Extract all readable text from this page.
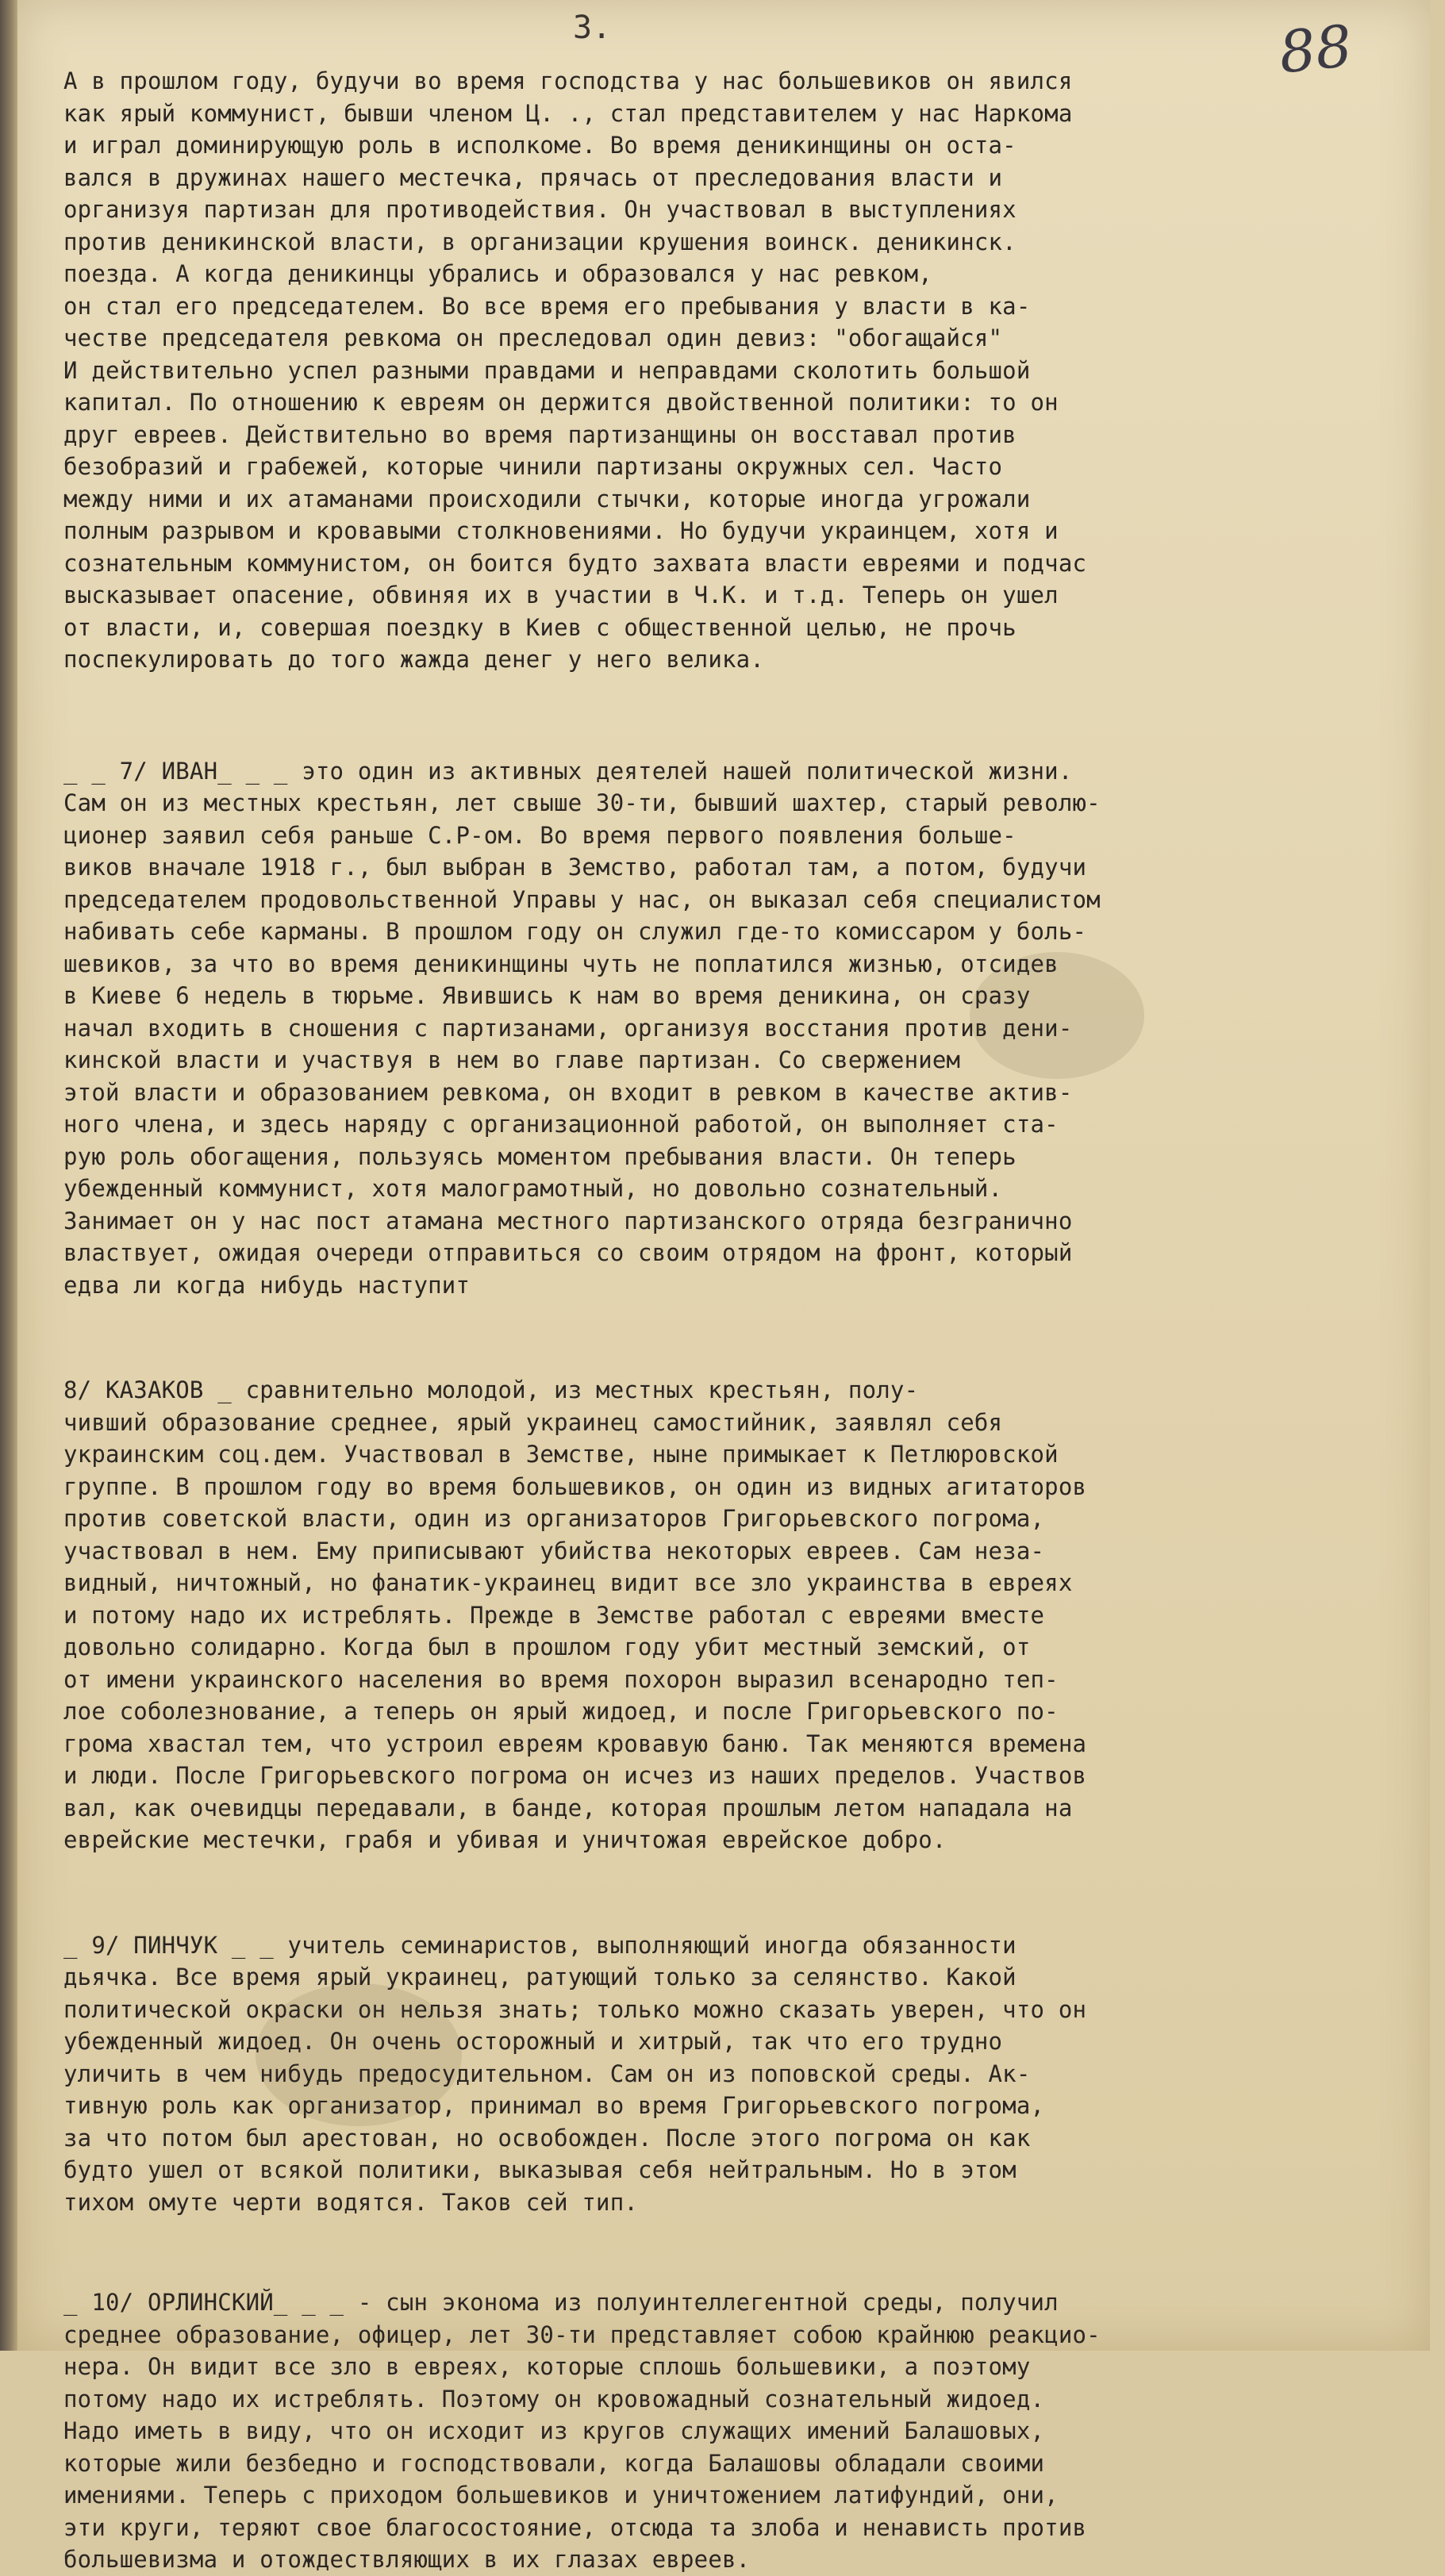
3.	88
А в прошлом году, будучи во время господства у нас большевиков он явился
как ярый коммунист, бывши членом Ц. ., стал представителем у нас Наркома
и играл доминирующую роль в исполкоме. Во время деникинщины он оста-
вался в дружинах нашего местечка, прячась от преследования власти и
организуя партизан для противодействия. Он участвовал в выступлениях
против деникинской власти, в организации крушения воинск. деникинск.
поезда. А когда деникинцы убрались и образовался у нас ревком,
он стал его председателем. Во все время его пребывания у власти в ка-
честве председателя ревкома он преследовал один девиз: "обогащайся"
И действительно успел разными правдами и неправдами сколотить большой
капитал. По отношению к евреям он держится двойственной политики: то он
друг евреев. Действительно во время партизанщины он восставал против
безобразий и грабежей, которые чинили партизаны окружных сел. Часто
между ними и их атаманами происходили стычки, которые иногда угрожали
полным разрывом и кровавыми столкновениями. Но будучи украинцем, хотя и
сознательным коммунистом, он боится будто захвата власти евреями и подчас
высказывает опасение, обвиняя их в участии в Ч.К. и т.д. Теперь он ушел
от власти, и, совершая поездку в Киев с общественной целью, не прочь
поспекулировать до того жажда денег у него велика.
_ _ 7/ ИВАН_ _ _ это один из активных деятелей нашей политической жизни.
Сам он из местных крестьян, лет свыше 30-ти, бывший шахтер, старый револю-
ционер заявил себя раньше С.Р-ом. Во время первого появления больше-
виков вначале 1918 г., был выбран в Земство, работал там, а потом, будучи
председателем продовольственной Управы у нас, он выказал себя специалистом
набивать себе карманы. В прошлом году он служил где-то комиссаром у боль-
шевиков, за что во время деникинщины чуть не поплатился жизнью, отсидев
в Киеве 6 недель в тюрьме. Явившись к нам во время деникина, он сразу
начал входить в сношения с партизанами, организуя восстания против дени-
кинской власти и участвуя в нем во главе партизан. Со свержением
этой власти и образованием ревкома, он входит в ревком в качестве актив-
ного члена, и здесь наряду с организационной работой, он выполняет ста-
рую роль обогащения, пользуясь моментом пребывания власти. Он теперь
убежденный коммунист, хотя малограмотный, но довольно сознательный.
Занимает он у нас пост атамана местного партизанского отряда безгранично
властвует, ожидая очереди отправиться со своим отрядом на фронт, который
едва ли когда нибудь наступит
8/ КАЗАКОВ _ сравнительно молодой, из местных крестьян, полу-
чивший образование среднее, ярый украинец самостийник, заявлял себя
украинским соц.дем. Участвовал в Земстве, ныне примыкает к Петлюровской
группе. В прошлом году во время большевиков, он один из видных агитаторов
против советской власти, один из организаторов Григорьевского погрома,
участвовал в нем. Ему приписывают убийства некоторых евреев. Сам неза-
видный, ничтожный, но фанатик-украинец видит все зло украинства в евреях
и потому надо их истреблять. Прежде в Земстве работал с евреями вместе
довольно солидарно. Когда был в прошлом году убит местный земский, от
от имени украинского населения во время похорон выразил всенародно теп-
лое соболезнование, а теперь он ярый жидоед, и после Григорьевского по-
грома хвастал тем, что устроил евреям кровавую баню. Так меняются времена
и люди. После Григорьевского погрома он исчез из наших пределов. Участвов
вал, как очевидцы передавали, в банде, которая прошлым летом нападала на
еврейские местечки, грабя и убивая и уничтожая еврейское добро.
_ 9/ ПИНЧУК _ _ учитель семинаристов, выполняющий иногда обязанности
дьячка. Все время ярый украинец, ратующий только за селянство. Какой
политической окраски он нельзя знать; только можно сказать уверен, что он
убежденный жидоед. Он очень осторожный и хитрый, так что его трудно
уличить в чем нибудь предосудительном. Сам он из поповской среды. Ак-
тивную роль как организатор, принимал во время Григорьевского погрома,
за что потом был арестован, но освобожден. После этого погрома он как
будто ушел от всякой политики, выказывая себя нейтральным. Но в этом
тихом омуте черти водятся. Таков сей тип.
_ 10/ ОРЛИНСКИЙ_ _ _ - сын эконома из полуинтеллегентной среды, получил
среднее образование, офицер, лет 30-ти представляет собою крайнюю реакцио-
нера. Он видит все зло в евреях, которые сплошь большевики, а поэтому
потому надо их истреблять. Поэтому он кровожадный сознательный жидоед.
Надо иметь в виду, что он исходит из кругов служащих имений Балашовых,
которые жили безбедно и господствовали, когда Балашовы обладали своими
имениями. Теперь с приходом большевиков и уничтожением латифундий, они,
эти круги, теряют свое благосостояние, отсюда та злоба и ненависть против
большевизма и отождествляющих в их глазах евреев.
